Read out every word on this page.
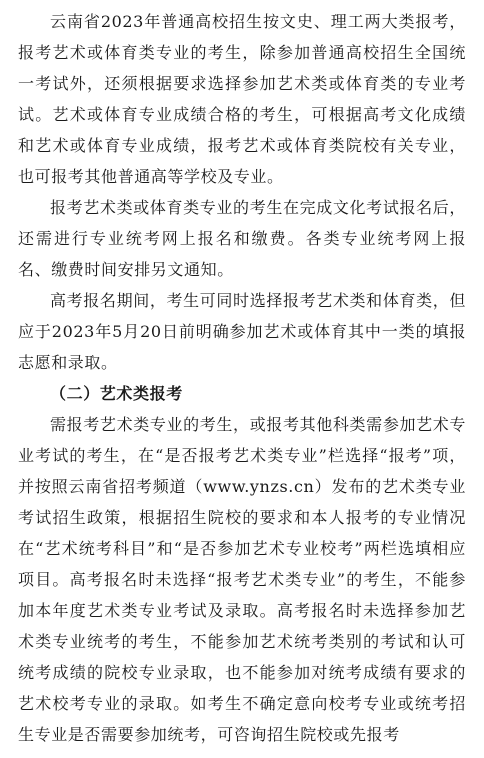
云南省2023年普通高校招生按文史、理工两大类报考，报考艺术或体育类专业的考生，除参加普通高校招生全国统一考试外，还须根据要求选择参加艺术类或体育类的专业考试。艺术或体育专业成绩合格的考生，可根据高考文化成绩和艺术或体育专业成绩，报考艺术或体育类院校有关专业，也可报考其他普通高等学校及专业。

报考艺术类或体育类专业的考生在完成文化考试报名后，还需进行专业统考网上报名和缴费。各类专业统考网上报名、缴费时间安排另文通知。

高考报名期间，考生可同时选择报考艺术类和体育类，但应于2023年5月20日前明确参加艺术或体育其中一类的填报志愿和录取。

（二）艺术类报考

需报考艺术类专业的考生，或报考其他科类需参加艺术专业考试的考生，在“是否报考艺术类专业”栏选择“报考”项，并按照云南省招考频道（www.ynzs.cn）发布的艺术类专业考试招生政策，根据招生院校的要求和本人报考的专业情况在“艺术统考科目”和“是否参加艺术专业校考”两栏选填相应项目。高考报名时未选择“报考艺术类专业”的考生，不能参加本年度艺术类专业考试及录取。高考报名时未选择参加艺术类专业统考的考生，不能参加艺术统考类别的考试和认可统考成绩的院校专业录取，也不能参加对统考成绩有要求的艺术校考专业的录取。如考生不确定意向校考专业或统考招生专业是否需要参加统考，可咨询招生院校或先报考
